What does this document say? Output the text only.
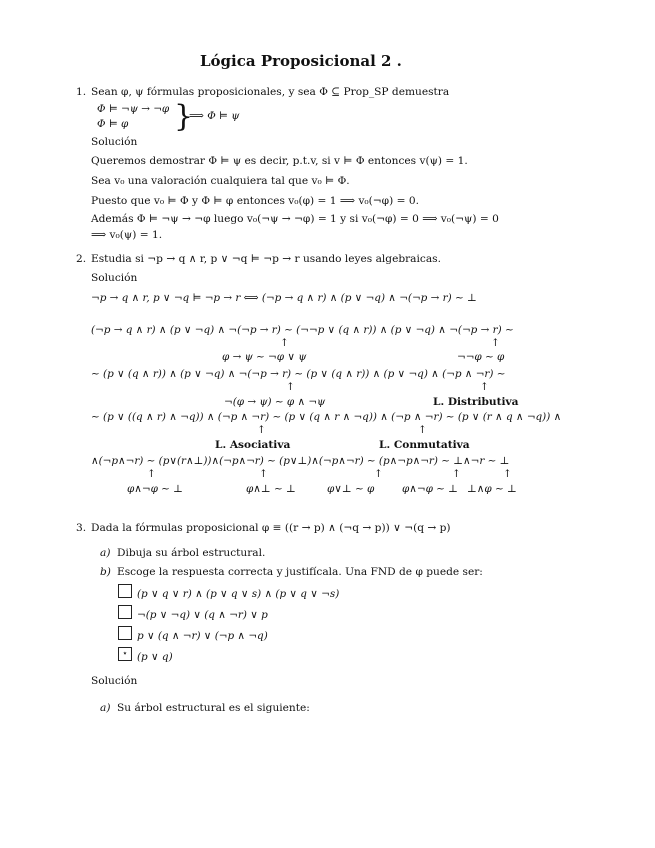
Lógica Proposicional 2 .
1. Sean φ, ψ fórmulas proposicionales, y sea Φ ⊆ Prop_SP demuestra
Φ ⊨ ¬ψ → ¬φ
Φ ⊨ φ }
⟹ Φ ⊨ ψ
Solución
Queremos demostrar Φ ⊨ ψ es decir, p.t.v, si v ⊨ Φ entonces v(ψ) = 1.
Sea v₀ una valoración cualquiera tal que v₀ ⊨ Φ.
Puesto que v₀ ⊨ Φ y Φ ⊨ φ entonces v₀(φ) = 1 ⟹ v₀(¬φ) = 0.
Además Φ ⊨ ¬ψ → ¬φ luego v₀(¬ψ → ¬φ) = 1 y si v₀(¬φ) = 0 ⟹ v₀(¬ψ) = 0
⟹ v₀(ψ) = 1.
2. Estudia si ¬p → q ∧ r, p ∨ ¬q ⊨ ¬p → r usando leyes algebraicas.
Solución
¬p → q ∧ r, p ∨ ¬q ⊨ ¬p → r ⟺ (¬p → q ∧ r) ∧ (p ∨ ¬q) ∧ ¬(¬p → r) ∼ ⊥
(¬p → q ∧ r) ∧ (p ∨ ¬q) ∧ ¬(¬p → r) ∼ (¬¬p ∨ (q ∧ r)) ∧ (p ∨ ¬q) ∧ ¬(¬p → r) ∼
↑	↑
φ → ψ ∼ ¬φ ∨ ψ	¬¬φ ∼ φ
∼ (p ∨ (q ∧ r)) ∧ (p ∨ ¬q) ∧ ¬(¬p → r) ∼ (p ∨ (q ∧ r)) ∧ (p ∨ ¬q) ∧ (¬p ∧ ¬r) ∼
↑	↑
¬(φ → ψ) ∼ φ ∧ ¬ψ	L. Distributiva
∼ (p ∨ ((q ∧ r) ∧ ¬q)) ∧ (¬p ∧ ¬r) ∼ (p ∨ (q ∧ r ∧ ¬q)) ∧ (¬p ∧ ¬r) ∼ (p ∨ (r ∧ q ∧ ¬q)) ∧
↑	↑
L. Asociativa	L. Conmutativa
∧(¬p∧¬r) ∼ (p∨(r∧⊥))∧(¬p∧¬r) ∼ (p∨⊥)∧(¬p∧¬r) ∼ (p∧¬p∧¬r) ∼ ⊥∧¬r ∼ ⊥
↑	↑	↑	↑	↑
φ∧¬φ ∼ ⊥	φ∧⊥ ∼ ⊥	φ∨⊥ ∼ φ	φ∧¬φ ∼ ⊥ ⊥∧φ ∼ ⊥
3. Dada la fórmulas proposicional φ ≡ ((r → p) ∧ (¬q → p)) ∨ ¬(q → p)
a) Dibuja su árbol estructural.
b) Escoge la respuesta correcta y justifícala. Una FND de φ puede ser:
(p ∨ q ∨ r) ∧ (p ∨ q ∨ s) ∧ (p ∨ q ∨ ¬s)
¬(p ∨ ¬q) ∨ (q ∧ ¬r) ∨ p
p ∨ (q ∧ ¬r) ∨ (¬p ∧ ¬q)
⋆ (p ∨ q)
Solución
a) Su árbol estructural es el siguiente:
